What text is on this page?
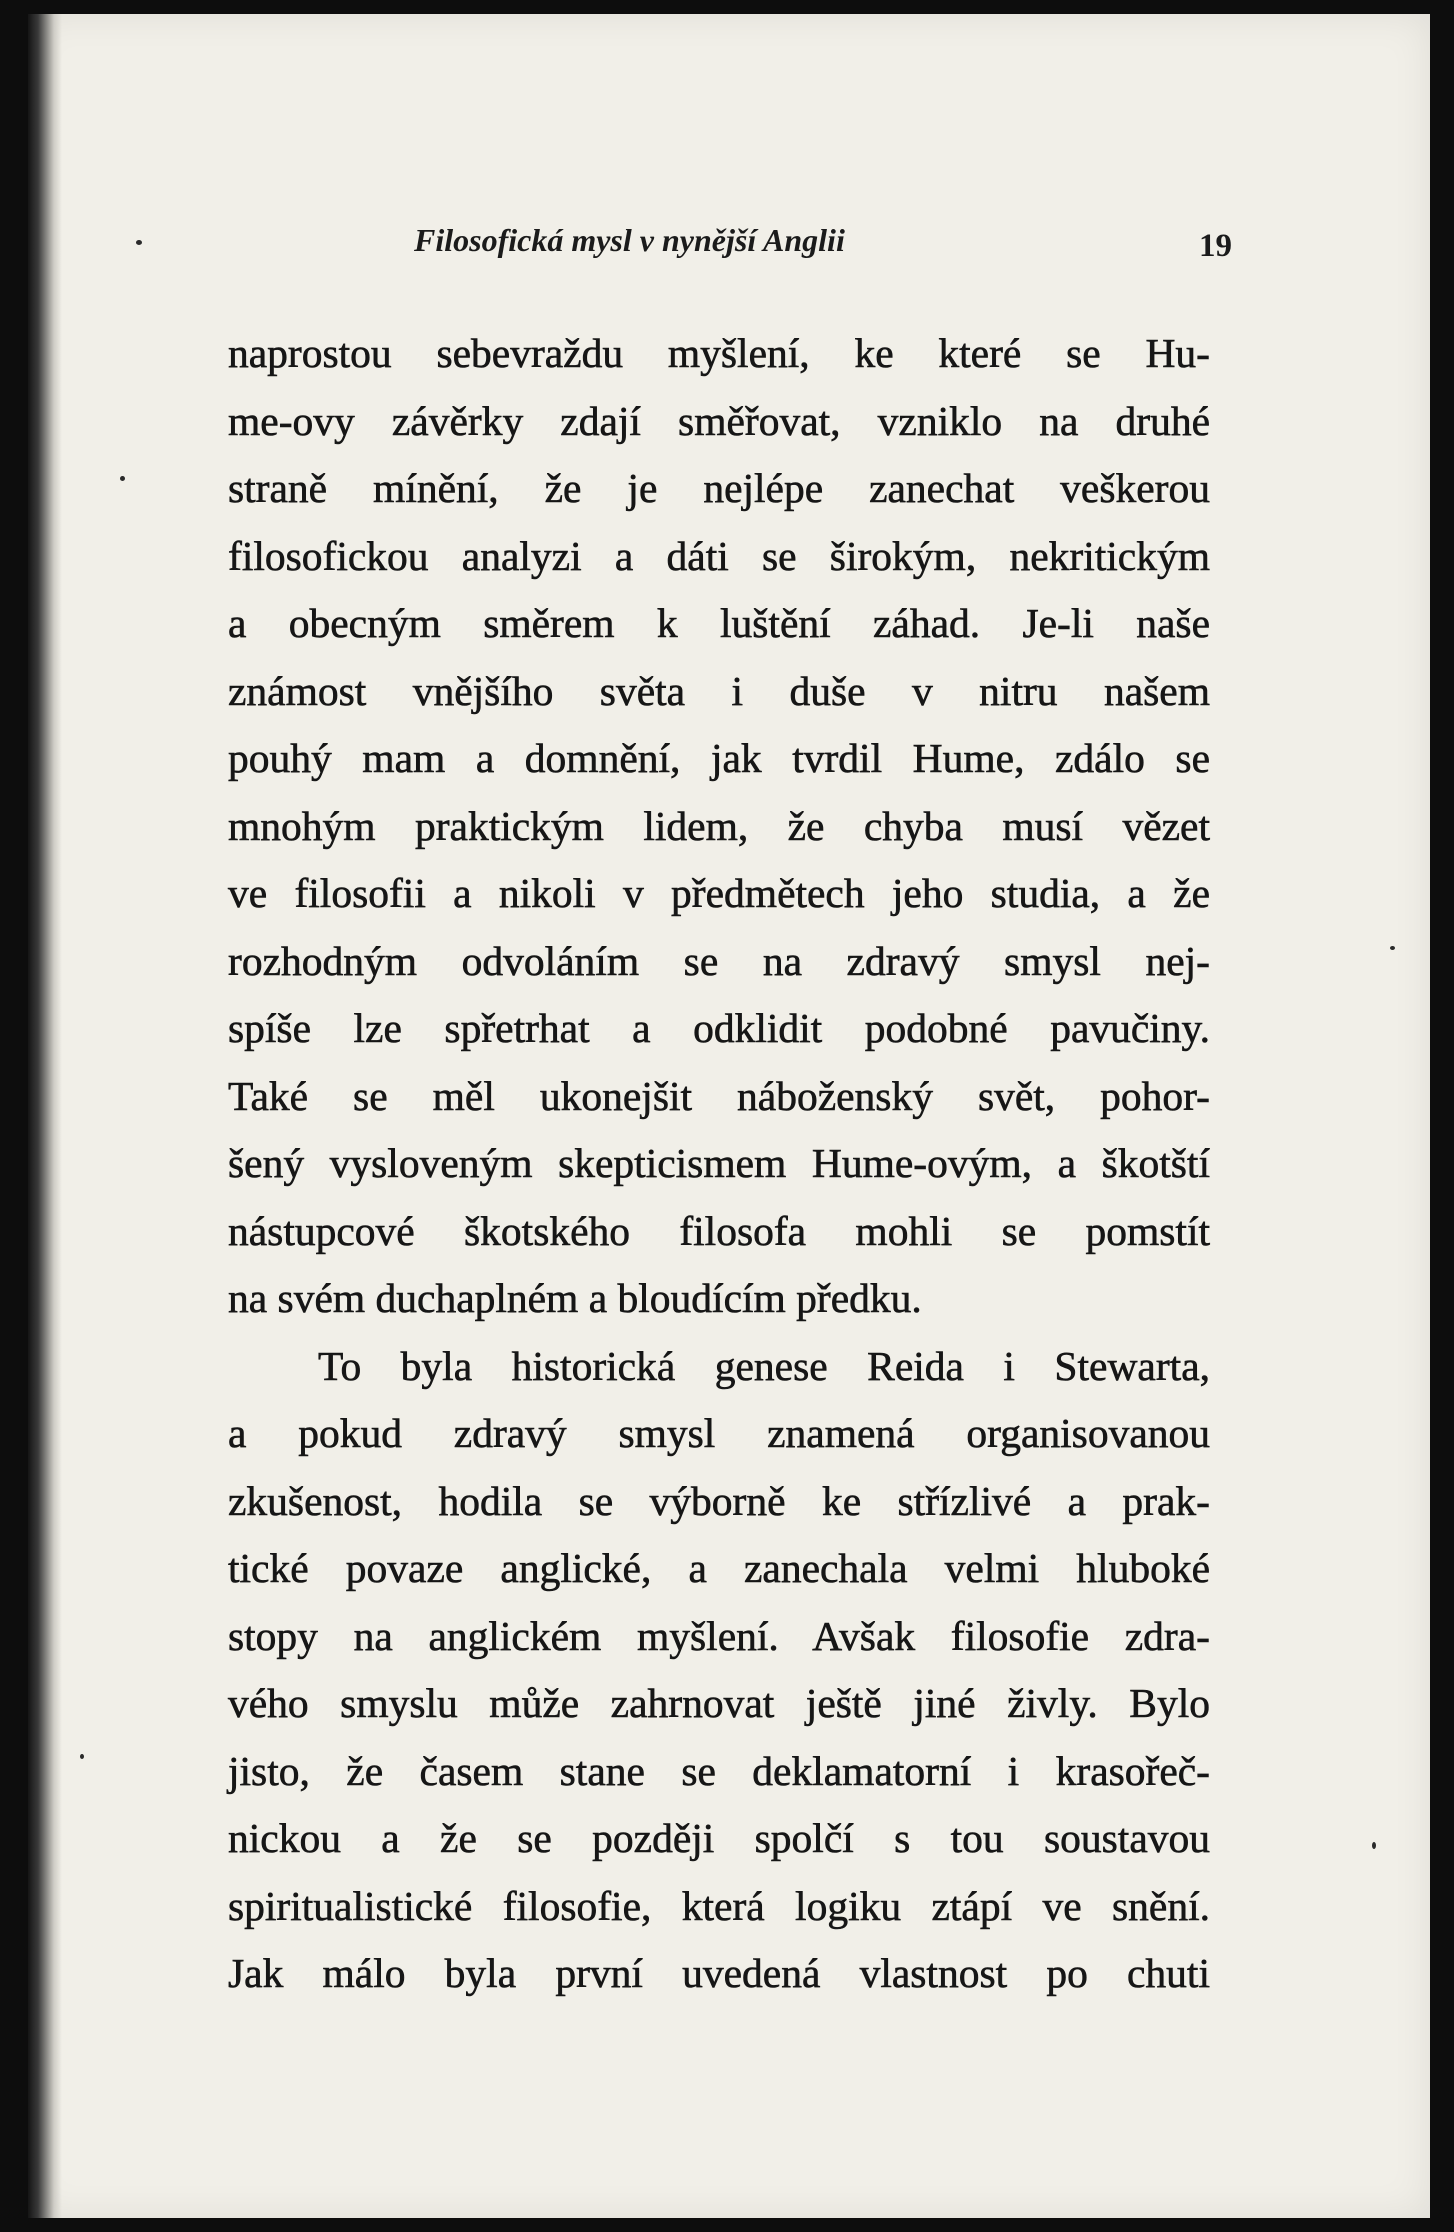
Filosofická mysl v nynější Anglii	19
naprostou sebevraždu myšlení, ke které se Hu-
me-ovy závěrky zdají směřovat, vzniklo na druhé
straně mínění, že je nejlépe zanechat veškerou
filosofickou analyzi a dáti se širokým, nekritickým
a obecným směrem k luštění záhad. Je-li naše
známost vnějšího světa i duše v nitru našem
pouhý mam a domnění, jak tvrdil Hume, zdálo se
mnohým praktickým lidem, že chyba musí vězet
ve filosofii a nikoli v předmětech jeho studia, a že
rozhodným odvoláním se na zdravý smysl nej-
spíše lze spřetrhat a odklidit podobné pavučiny.
Také se měl ukonejšit náboženský svět, pohor-
šený vysloveným skepticismem Hume-ovým, a škotští
nástupcové škotského filosofa mohli se pomstít
na svém duchaplném a bloudícím předku.
To byla historická genese Reida i Stewarta,
a pokud zdravý smysl znamená organisovanou
zkušenost, hodila se výborně ke střízlivé a prak-
tické povaze anglické, a zanechala velmi hluboké
stopy na anglickém myšlení. Avšak filosofie zdra-
vého smyslu může zahrnovat ještě jiné živly. Bylo
jisto, že časem stane se deklamatorní i krasořeč-
nickou a že se později spolčí s tou soustavou
spiritualistické filosofie, která logiku ztápí ve snění.
Jak málo byla první uvedená vlastnost po chuti
